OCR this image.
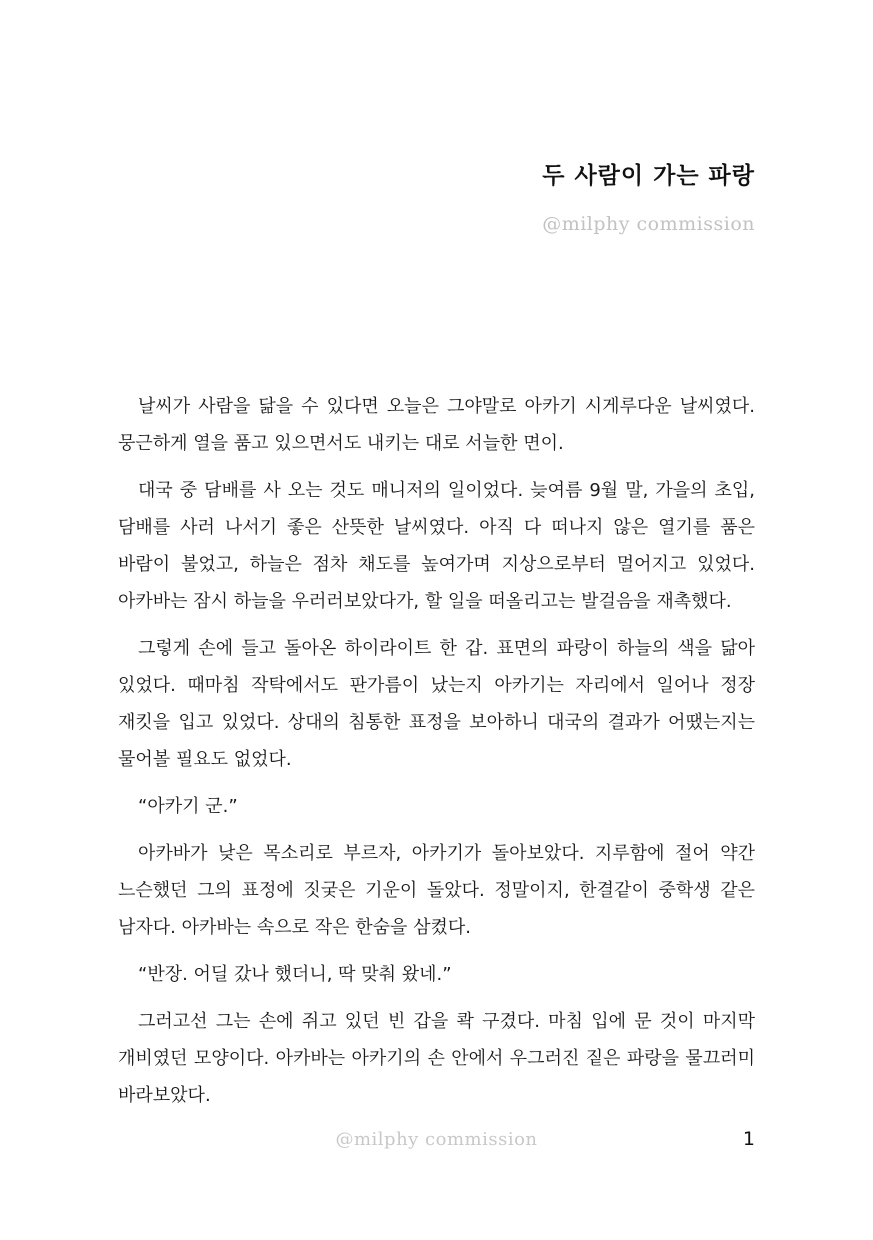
두 사람이 가는 파랑
@milphy commission

날씨가 사람을 닮을 수 있다면 오늘은 그야말로 아카기 시게루다운 날씨였다. 뭉근하게 열을 품고 있으면서도 내키는 대로 서늘한 면이.

대국 중 담배를 사 오는 것도 매니저의 일이었다. 늦여름 9월 말, 가을의 초입, 담배를 사러 나서기 좋은 산뜻한 날씨였다. 아직 다 떠나지 않은 열기를 품은 바람이 불었고, 하늘은 점차 채도를 높여가며 지상으로부터 멀어지고 있었다. 아카바는 잠시 하늘을 우러러보았다가, 할 일을 떠올리고는 발걸음을 재촉했다.

그렇게 손에 들고 돌아온 하이라이트 한 갑. 표면의 파랑이 하늘의 색을 닮아 있었다. 때마침 작탁에서도 판가름이 났는지 아카기는 자리에서 일어나 정장 재킷을 입고 있었다. 상대의 침통한 표정을 보아하니 대국의 결과가 어땠는지는 물어볼 필요도 없었다.

“아카기 군.”

아카바가 낮은 목소리로 부르자, 아카기가 돌아보았다. 지루함에 절어 약간 느슨했던 그의 표정에 짓궂은 기운이 돌았다. 정말이지, 한결같이 중학생 같은 남자다. 아카바는 속으로 작은 한숨을 삼켰다.

“반장. 어딜 갔나 했더니, 딱 맞춰 왔네.”

그러고선 그는 손에 쥐고 있던 빈 갑을 콱 구겼다. 마침 입에 문 것이 마지막 개비였던 모양이다. 아카바는 아카기의 손 안에서 우그러진 짙은 파랑을 물끄러미 바라보았다.

@milphy commission	1
